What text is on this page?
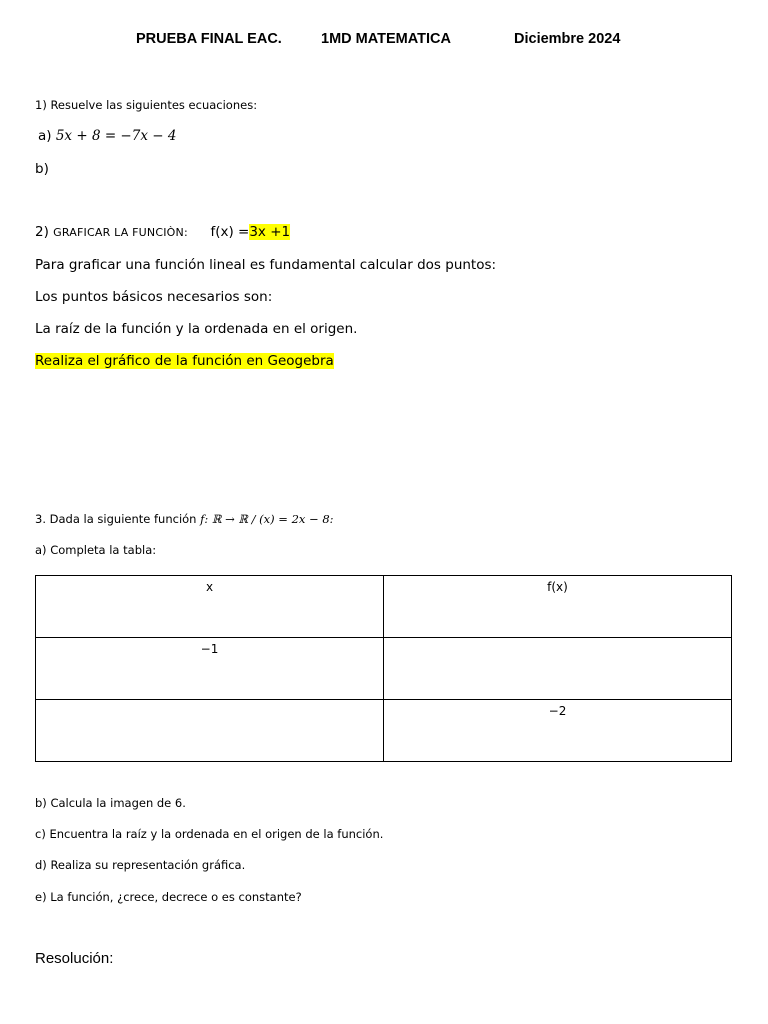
PRUEBA FINAL EAC.	1MD MATEMATICA	Diciembre 2024
1) Resuelve las siguientes ecuaciones:
a) 5x + 8 = −7x − 4
b)
2) GRAFICAR LA FUNCIÒN: f(x) =3x +1
Para graficar una función lineal es fundamental calcular dos puntos:
Los puntos básicos necesarios son:
La raíz de la función y la ordenada en el origen.
Realiza el gráfico de la función en Geogebra
3. Dada la siguiente función f: ℝ → ℝ / (x) = 2x − 8:
a) Completa la tabla:
x	f(x)
−1	
	−2
b) Calcula la imagen de 6.
c) Encuentra la raíz y la ordenada en el origen de la función.
d) Realiza su representación gráfica.
e) La función, ¿crece, decrece o es constante?
Resolución:
